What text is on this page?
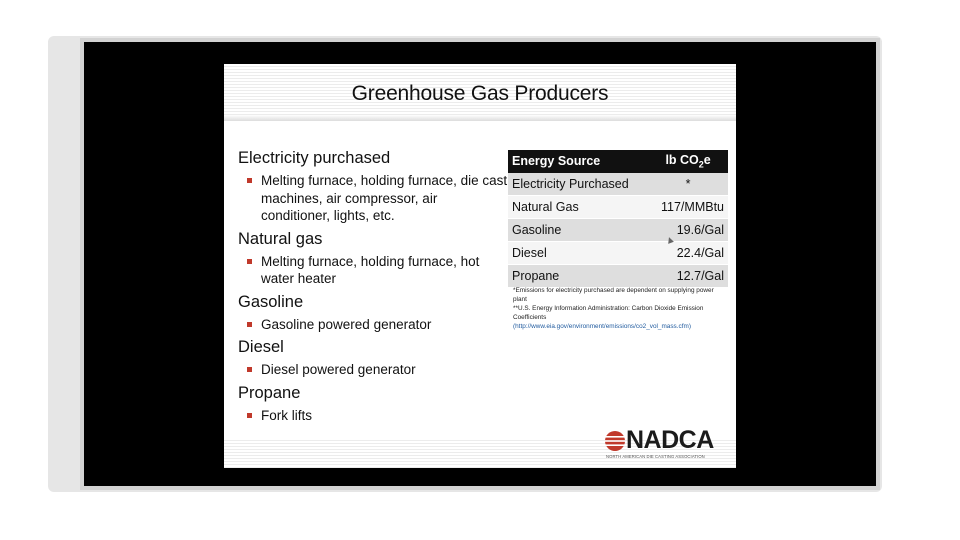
Greenhouse Gas Producers
Electricity purchased
Melting furnace, holding furnace, die cast machines, air compressor, air conditioner, lights, etc.
Natural gas
Melting furnace, holding furnace, hot water heater
Gasoline
Gasoline powered generator
Diesel
Diesel powered generator
Propane
Fork lifts
Energy Source	lb $CO_2e$
Electricity Purchased	*
Natural Gas	117/MMBtu
Gasoline	19.6/Gal
Diesel	22.4/Gal
Propane	12.7/Gal
*Emissions for electricity purchased are dependent on supplying power plant
**U.S. Energy Information Administration: Carbon Dioxide Emission Coefficients
(http://www.eia.gov/environment/emissions/co2_vol_mass.cfm)
NADCA
NORTH AMERICAN DIE CASTING ASSOCIATION
